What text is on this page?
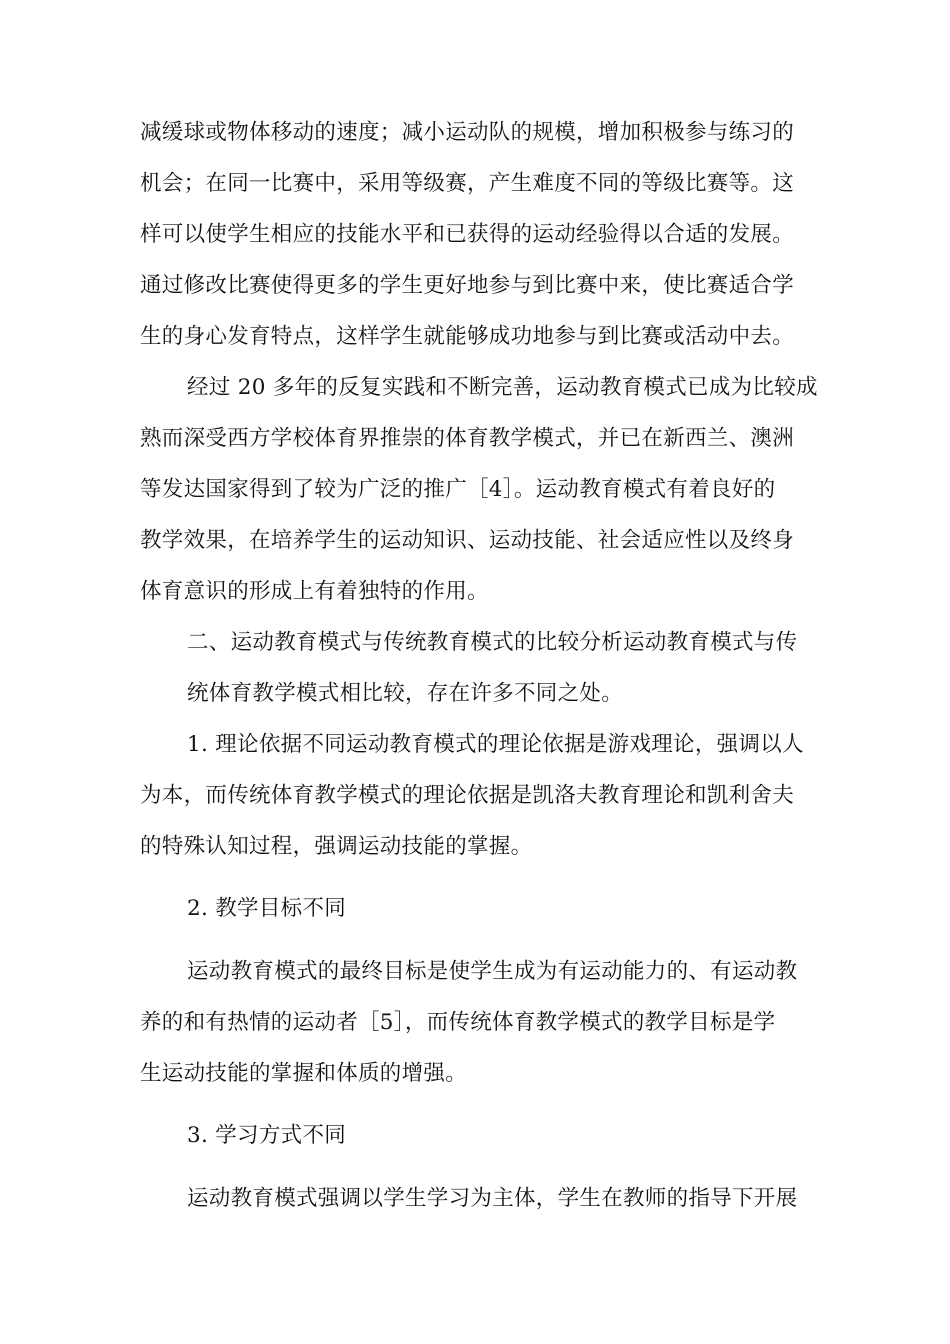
减缓球或物体移动的速度；减小运动队的规模，增加积极参与练习的
机会；在同一比赛中，采用等级赛，产生难度不同的等级比赛等。这
样可以使学生相应的技能水平和已获得的运动经验得以合适的发展。
通过修改比赛使得更多的学生更好地参与到比赛中来，使比赛适合学
生的身心发育特点，这样学生就能够成功地参与到比赛或活动中去。
经过 20 多年的反复实践和不断完善，运动教育模式已成为比较成
熟而深受西方学校体育界推崇的体育教学模式，并已在新西兰、澳洲
等发达国家得到了较为广泛的推广［4］。运动教育模式有着良好的
教学效果，在培养学生的运动知识、运动技能、社会适应性以及终身
体育意识的形成上有着独特的作用。
二、运动教育模式与传统教育模式的比较分析运动教育模式与传
统体育教学模式相比较，存在许多不同之处。
1. 理论依据不同运动教育模式的理论依据是游戏理论，强调以人
为本，而传统体育教学模式的理论依据是凯洛夫教育理论和凯利舍夫
的特殊认知过程，强调运动技能的掌握。
2. 教学目标不同
运动教育模式的最终目标是使学生成为有运动能力的、有运动教
养的和有热情的运动者［5］，而传统体育教学模式的教学目标是学
生运动技能的掌握和体质的增强。
3. 学习方式不同
运动教育模式强调以学生学习为主体，学生在教师的指导下开展
